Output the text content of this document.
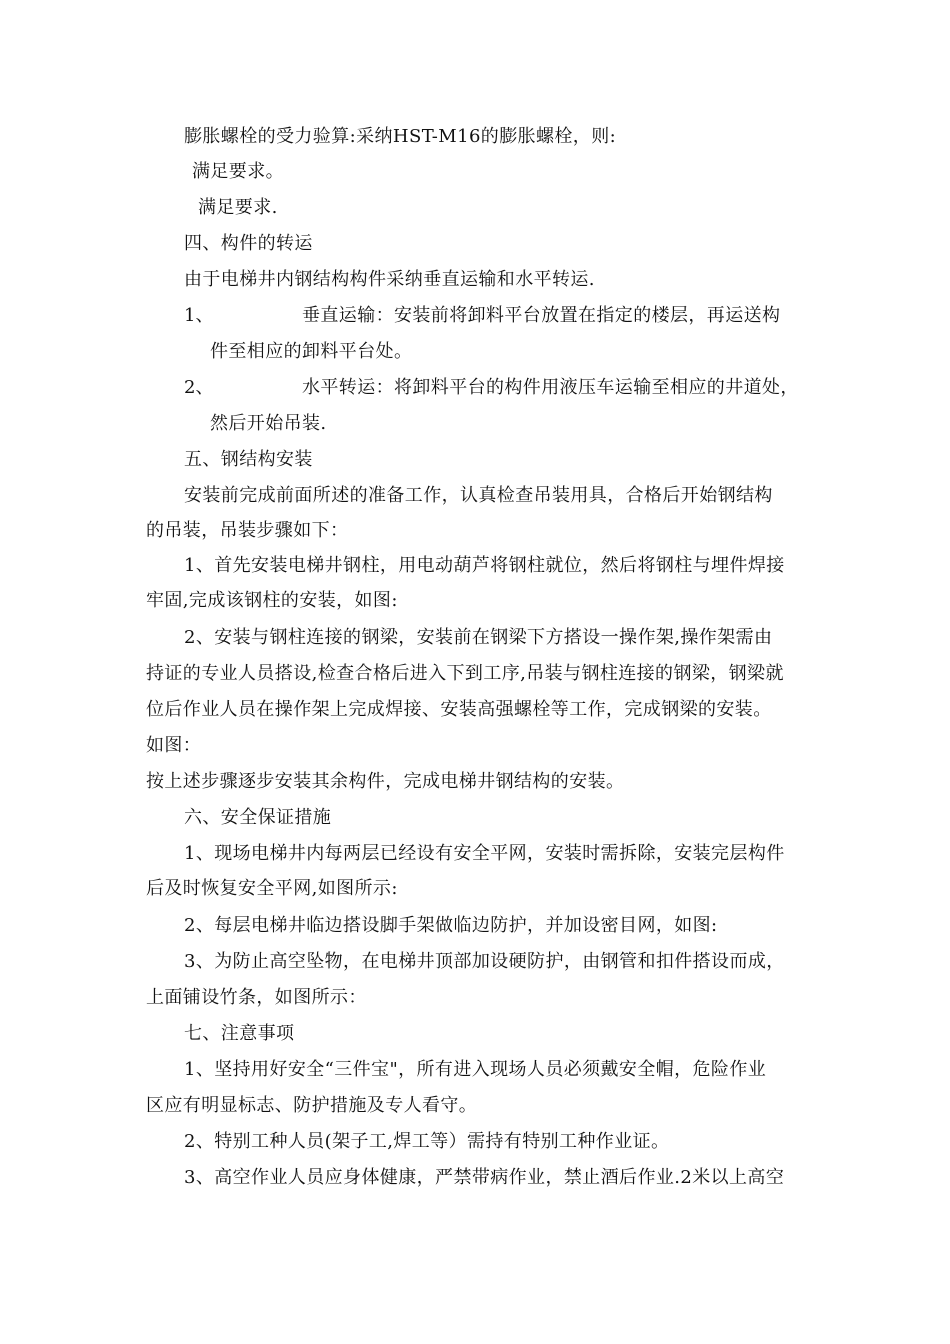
膨胀螺栓的受力验算:采纳HST-M16的膨胀螺栓，则:
满足要求。
满足要求.
四、构件的转运
由于电梯井内钢结构构件采纳垂直运输和水平转运.
1、	垂直运输：安装前将卸料平台放置在指定的楼层，再运送构
件至相应的卸料平台处。
2、	水平转运：将卸料平台的构件用液压车运输至相应的井道处，
然后开始吊装.
五、钢结构安装
安装前完成前面所述的准备工作，认真检查吊装用具，合格后开始钢结构
的吊装，吊装步骤如下：
1、首先安装电梯井钢柱，用电动葫芦将钢柱就位，然后将钢柱与埋件焊接
牢固,完成该钢柱的安装，如图:
2、安装与钢柱连接的钢梁，安装前在钢梁下方搭设一操作架,操作架需由
持证的专业人员搭设,检查合格后进入下到工序,吊装与钢柱连接的钢梁，钢梁就
位后作业人员在操作架上完成焊接、安装高强螺栓等工作，完成钢梁的安装。
如图：
按上述步骤逐步安装其余构件，完成电梯井钢结构的安装。
六、安全保证措施
1、现场电梯井内每两层已经设有安全平网，安装时需拆除，安装完层构件
后及时恢复安全平网,如图所示:
2、每层电梯井临边搭设脚手架做临边防护，并加设密目网，如图:
3、为防止高空坠物，在电梯井顶部加设硬防护，由钢管和扣件搭设而成，
上面铺设竹条，如图所示：
七、注意事项
1、坚持用好安全“三件宝"，所有进入现场人员必须戴安全帽，危险作业
区应有明显标志、防护措施及专人看守。
2、特别工种人员(架子工,焊工等）需持有特别工种作业证。
3、高空作业人员应身体健康，严禁带病作业，禁止酒后作业.2米以上高空
